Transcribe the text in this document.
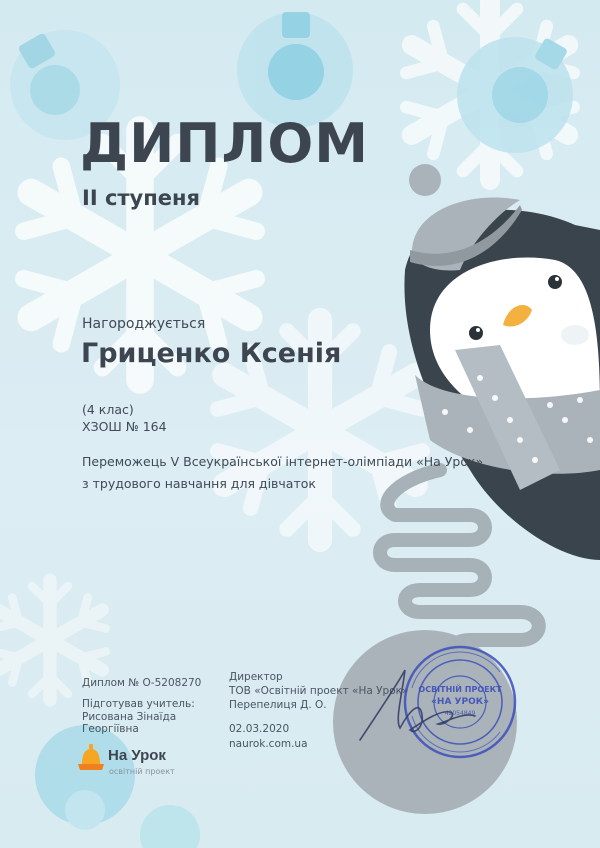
ДИПЛОМ
ІІ ступеня
Нагороджується
Гриценко Ксенія
(4 клас)
ХЗОШ № 164
Переможець V Всеукраїнської інтернет-олімпіади «На Урок»
з трудового навчання для дівчаток
Диплом № О-5208270
Підготував учитель:
Рисована Зінаїда
Георгіївна
Директор
ТОВ «Освітній проект «На Урок»
Перепелиця Д. О.
02.03.2020
naurok.com.ua
На Урок
освітній проект
ОСВІТНІЙ ПРОЕКТ
«НА УРОК»
42054849
